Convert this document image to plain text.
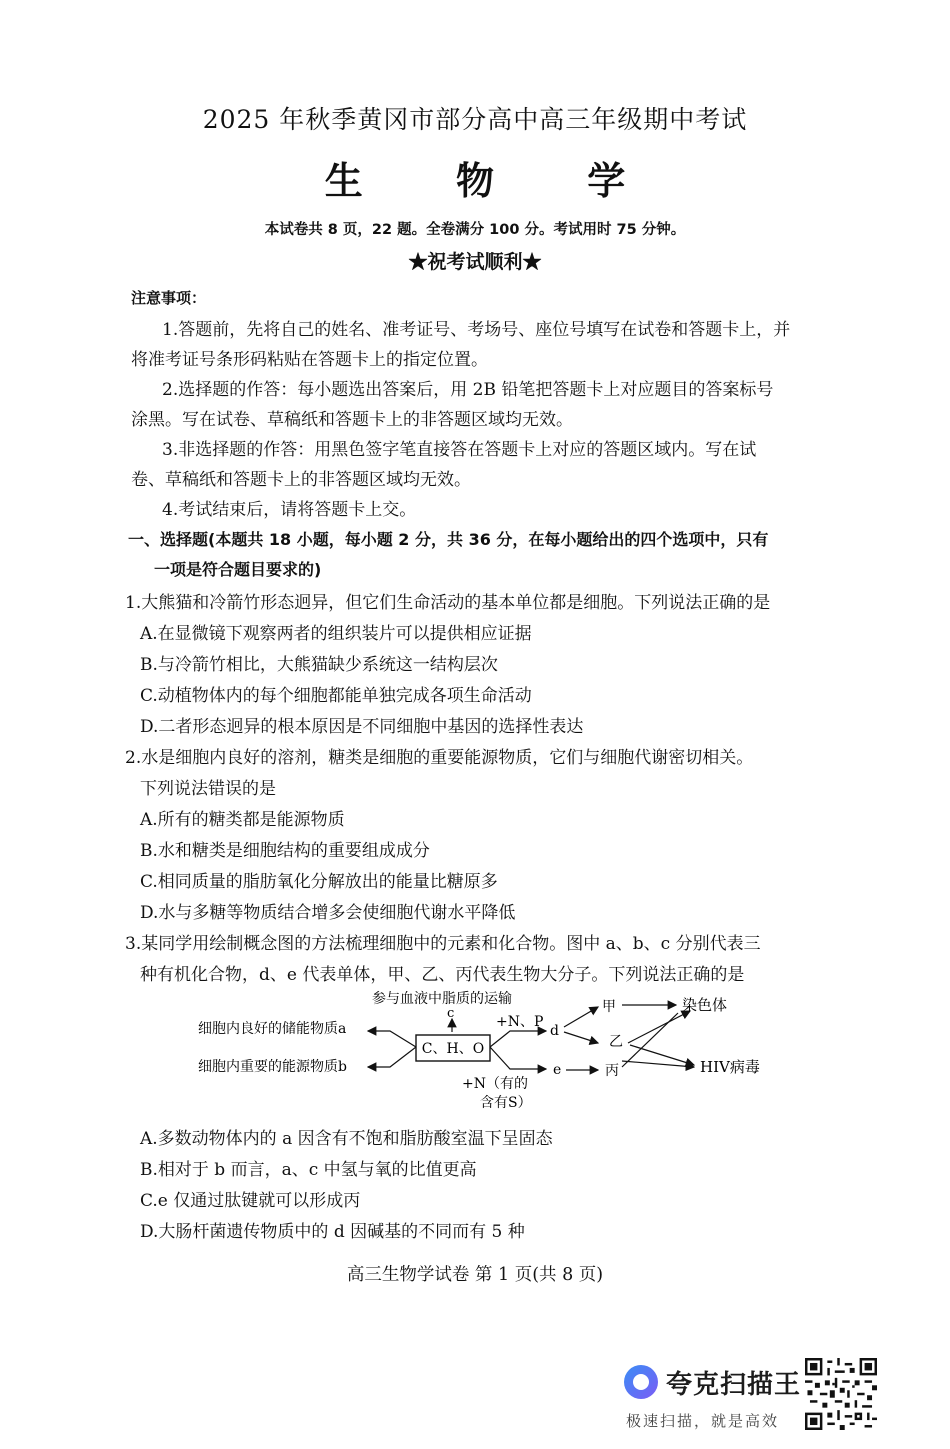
2025 年秋季黄冈市部分高中高三年级期中考试
生 物 学
本试卷共 8 页，22 题。全卷满分 100 分。考试用时 75 分钟。
★祝考试顺利★
注意事项：
1.答题前，先将自己的姓名、准考证号、考场号、座位号填写在试卷和答题卡上，并
将准考证号条形码粘贴在答题卡上的指定位置。
2.选择题的作答：每小题选出答案后，用 2B 铅笔把答题卡上对应题目的答案标号
涂黑。写在试卷、草稿纸和答题卡上的非答题区域均无效。
3.非选择题的作答：用黑色签字笔直接答在答题卡上对应的答题区域内。写在试
卷、草稿纸和答题卡上的非答题区域均无效。
4.考试结束后，请将答题卡上交。
一、选择题(本题共 18 小题，每小题 2 分，共 36 分，在每小题给出的四个选项中，只有
一项是符合题目要求的)
1.大熊猫和冷箭竹形态迥异，但它们生命活动的基本单位都是细胞。下列说法正确的是
A.在显微镜下观察两者的组织装片可以提供相应证据
B.与冷箭竹相比，大熊猫缺少系统这一结构层次
C.动植物体内的每个细胞都能单独完成各项生命活动
D.二者形态迥异的根本原因是不同细胞中基因的选择性表达
2.水是细胞内良好的溶剂，糖类是细胞的重要能源物质，它们与细胞代谢密切相关。
下列说法错误的是
A.所有的糖类都是能源物质
B.水和糖类是细胞结构的重要组成成分
C.相同质量的脂肪氧化分解放出的能量比糖原多
D.水与多糖等物质结合增多会使细胞代谢水平降低
3.某同学用绘制概念图的方法梳理细胞中的元素和化合物。图中 a、b、c 分别代表三
种有机化合物，d、e 代表单体，甲、乙、丙代表生物大分子。下列说法正确的是
参与血液中脂质的运输
c
细胞内良好的储能物质a
细胞内重要的能源物质b
C、H、O
+N、P
+N（有的
含有S）
d
e
甲
乙
丙
染色体
HIV病毒
A.多数动物体内的 a 因含有不饱和脂肪酸室温下呈固态
B.相对于 b 而言，a、c 中氢与氧的比值更高
C.e 仅通过肽键就可以形成丙
D.大肠杆菌遗传物质中的 d 因碱基的不同而有 5 种
高三生物学试卷 第 1 页(共 8 页)
夸克扫描王
极速扫描，就是高效
